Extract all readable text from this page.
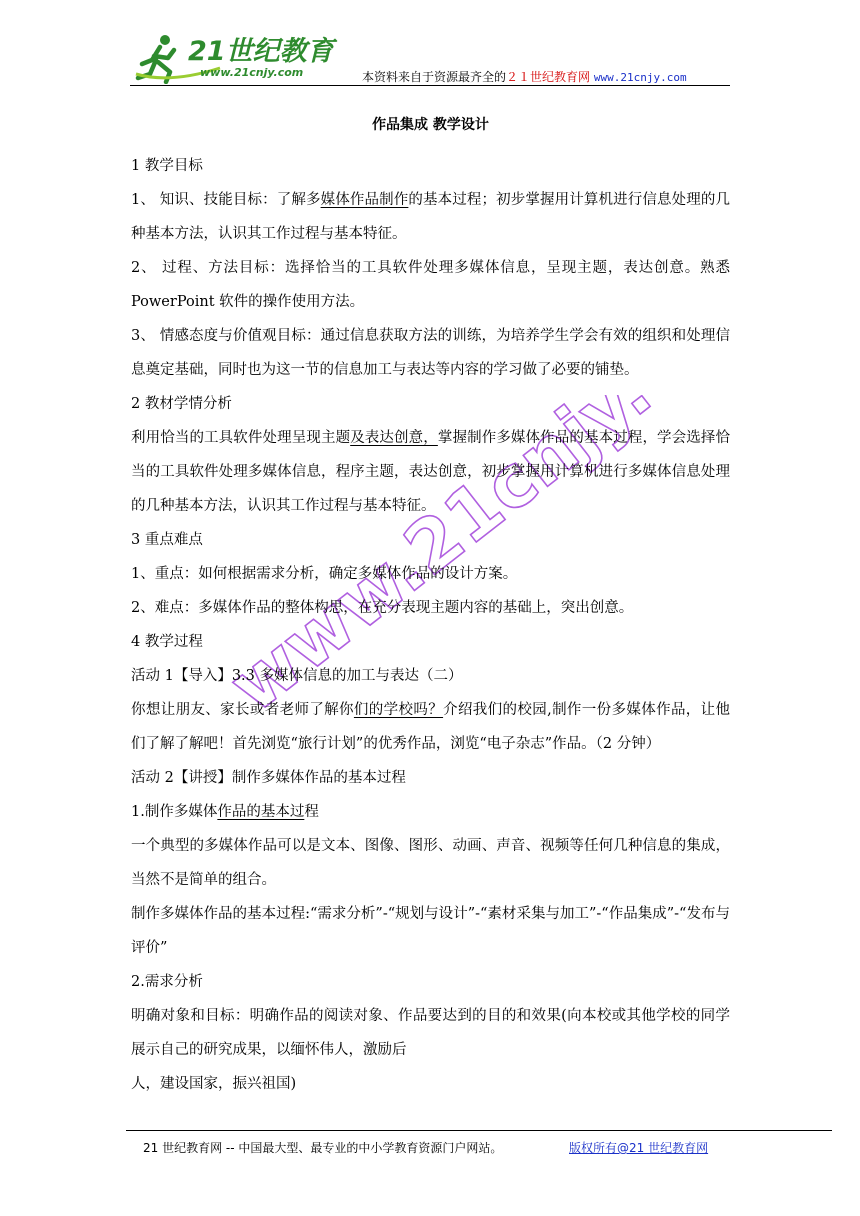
21世纪教育
www.21cnjy.com	本资料来自于资源最齐全的２１世纪教育网 www.21cnjy.com
www.21cnjy.com
作品集成 教学设计

1 教学目标

1、 知识、技能目标：了解多媒体作品制作的基本过程；初步掌握用计算机进行信息处理的几种基本方法，认识其工作过程与基本特征。

2、 过程、方法目标：选择恰当的工具软件处理多媒体信息，呈现主题，表达创意。熟悉 PowerPoint 软件的操作使用方法。

3、 情感态度与价值观目标：通过信息获取方法的训练，为培养学生学会有效的组织和处理信息奠定基础，同时也为这一节的信息加工与表达等内容的学习做了必要的铺垫。

2 教材学情分析

利用恰当的工具软件处理呈现主题及表达创意，掌握制作多媒体作品的基本过程，学会选择恰当的工具软件处理多媒体信息，程序主题，表达创意，初步掌握用计算机进行多媒体信息处理的几种基本方法，认识其工作过程与基本特征。

3 重点难点

1、重点：如何根据需求分析，确定多媒体作品的设计方案。

2、难点：多媒体作品的整体构思，在充分表现主题内容的基础上，突出创意。

4 教学过程

活动 1【导入】3.3 多媒体信息的加工与表达（二）

你想让朋友、家长或者老师了解你们的学校吗？介绍我们的校园,制作一份多媒体作品，让他们了解了解吧！首先浏览“旅行计划”的优秀作品，浏览“电子杂志”作品。（2 分钟）

活动 2【讲授】制作多媒体作品的基本过程

1.制作多媒体作品的基本过程

一个典型的多媒体作品可以是文本、图像、图形、动画、声音、视频等任何几种信息的集成，当然不是简单的组合。

制作多媒体作品的基本过程:“需求分析”-“规划与设计”-“素材采集与加工”-“作品集成”-“发布与评价”

2.需求分析

明确对象和目标：明确作品的阅读对象、作品要达到的目的和效果(向本校或其他学校的同学展示自己的研究成果，以缅怀伟人，激励后

人，建设国家，振兴祖国)

21 世纪教育网 -- 中国最大型、最专业的中小学教育资源门户网站。	版权所有@21 世纪教育网
